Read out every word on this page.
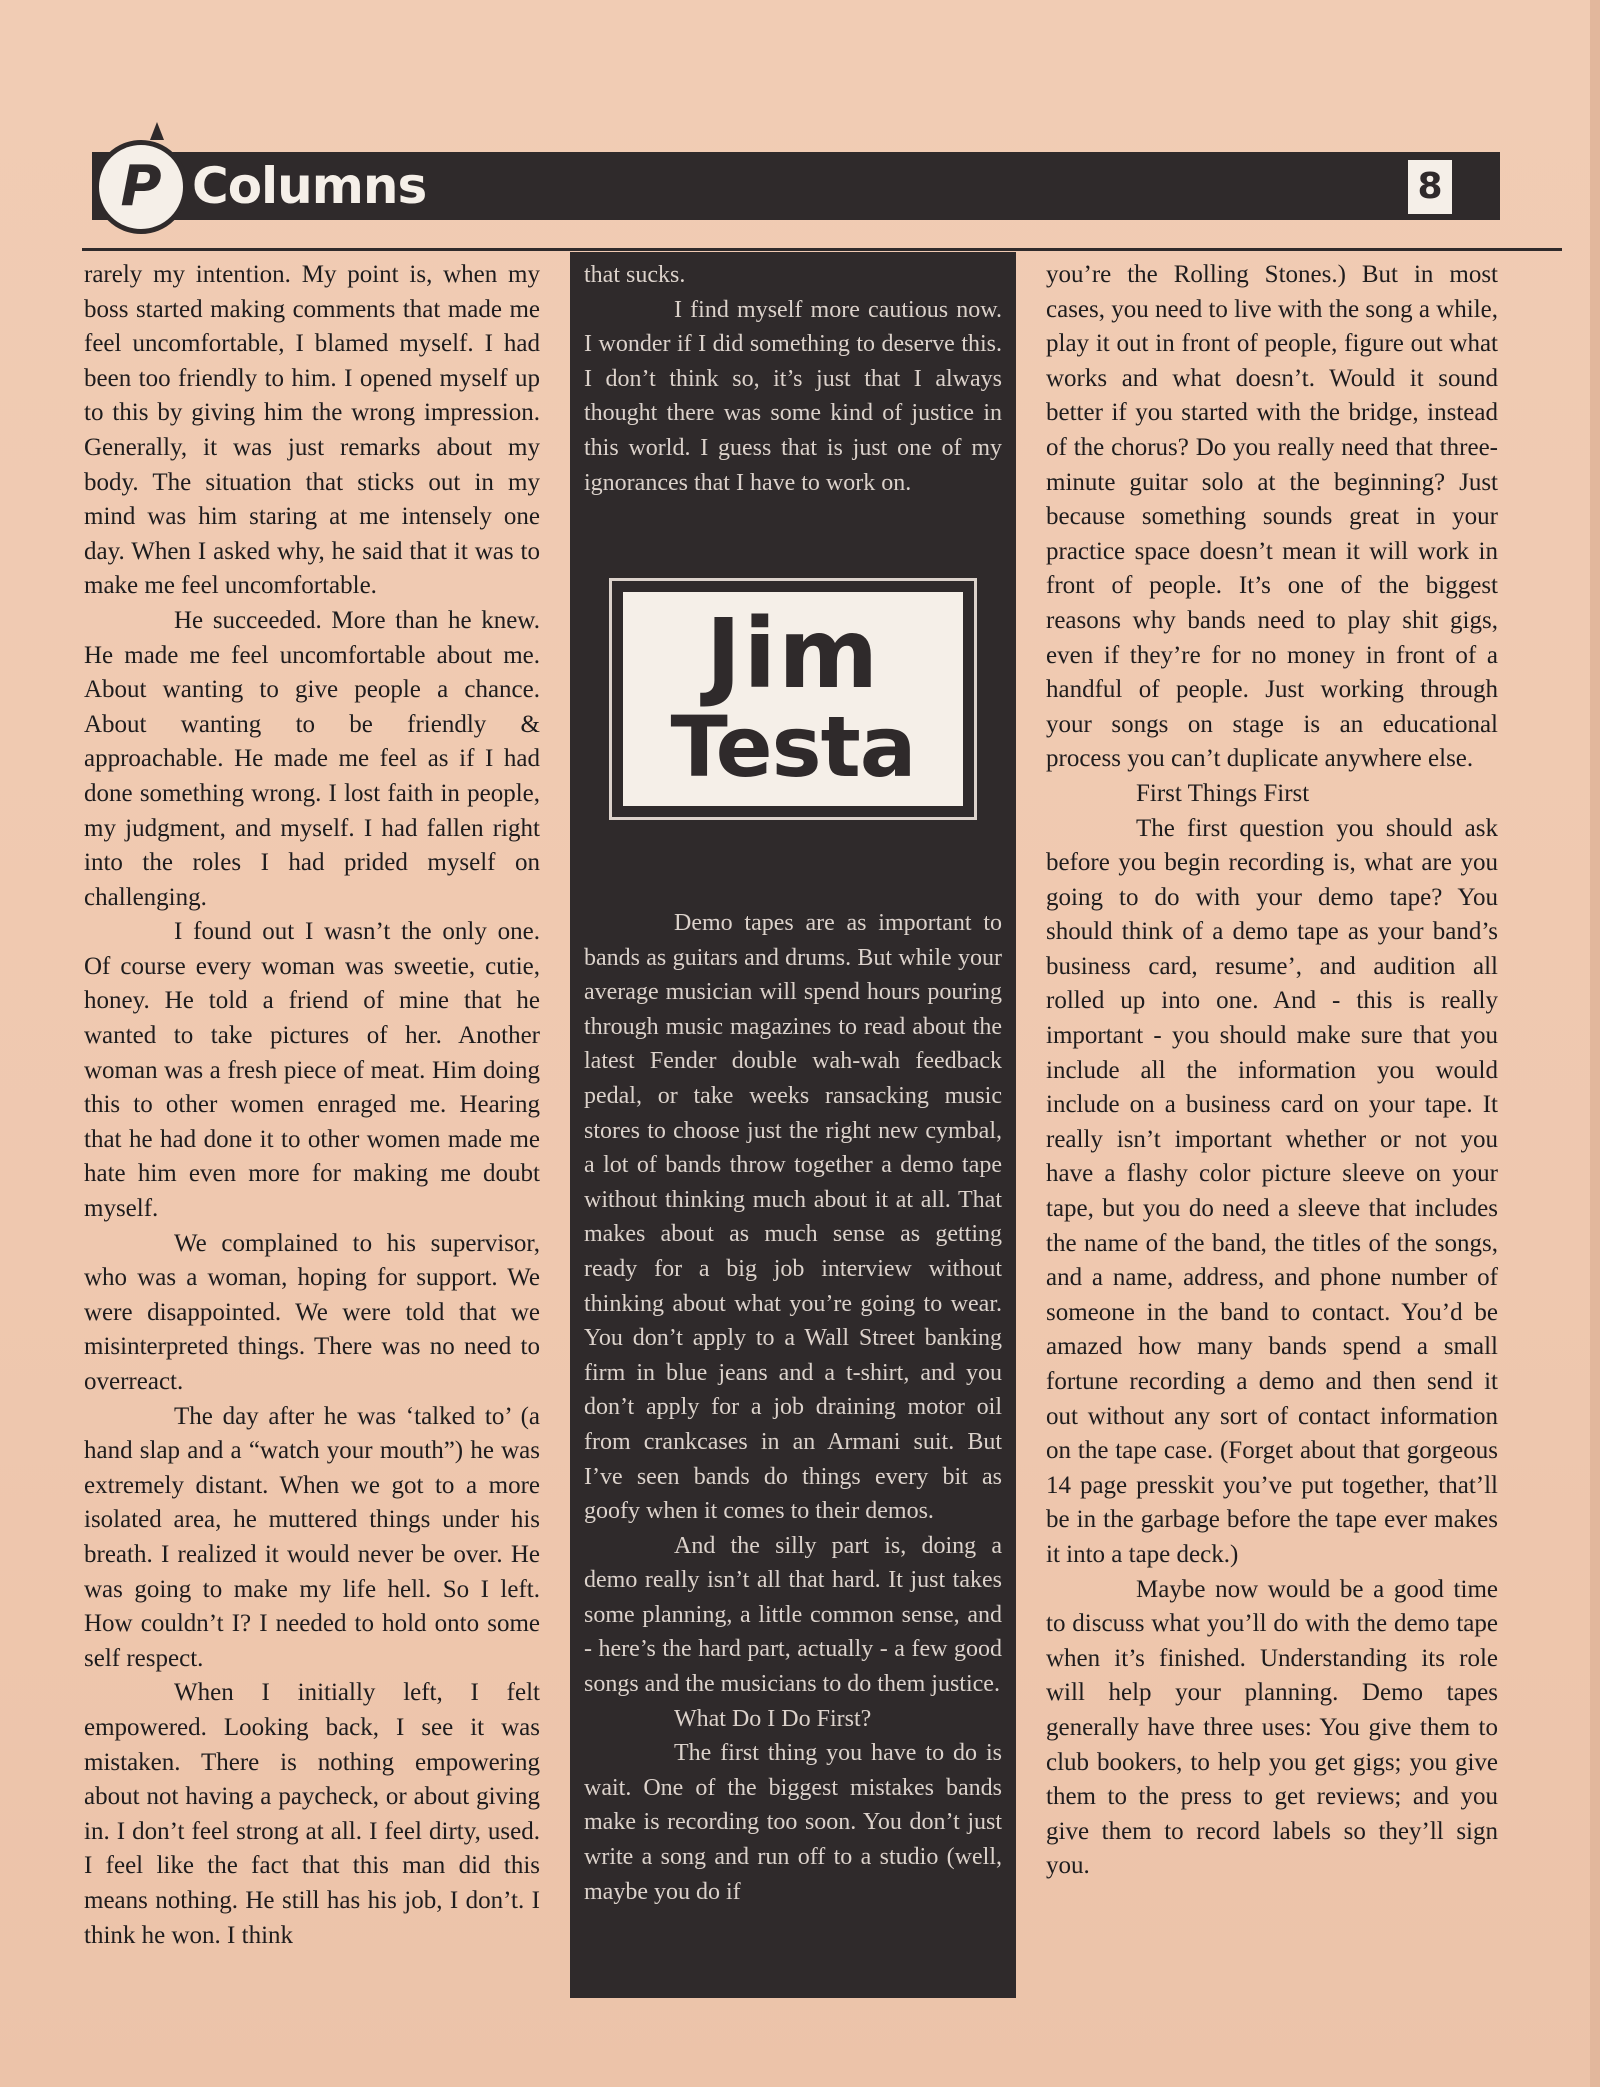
P Columns	8

rarely my intention. My point is, when my boss started making comments that made me feel uncomfortable, I blamed myself. I had been too friendly to him. I opened myself up to this by giving him the wrong impression. Generally, it was just remarks about my body. The situation that sticks out in my mind was him staring at me intensely one day. When I asked why, he said that it was to make me feel uncomfortable.

He succeeded. More than he knew. He made me feel uncomfortable about me. About wanting to give people a chance. About wanting to be friendly & approachable. He made me feel as if I had done something wrong. I lost faith in people, my judgment, and myself. I had fallen right into the roles I had prided myself on challenging.

I found out I wasn’t the only one. Of course every woman was sweetie, cutie, honey. He told a friend of mine that he wanted to take pictures of her. Another woman was a fresh piece of meat. Him doing this to other women enraged me. Hearing that he had done it to other women made me hate him even more for making me doubt myself.

We complained to his supervisor, who was a woman, hoping for support. We were disappointed. We were told that we misinterpreted things. There was no need to overreact.

The day after he was ‘talked to’ (a hand slap and a “watch your mouth”) he was extremely distant. When we got to a more isolated area, he muttered things under his breath. I realized it would never be over. He was going to make my life hell. So I left. How couldn’t I? I needed to hold onto some self respect.

When I initially left, I felt empowered. Looking back, I see it was mistaken. There is nothing empowering about not having a paycheck, or about giving in. I don’t feel strong at all. I feel dirty, used. I feel like the fact that this man did this means nothing. He still has his job, I don’t. I think he won. I think

that sucks.

I find myself more cautious now. I wonder if I did something to deserve this. I don’t think so, it’s just that I always thought there was some kind of justice in this world. I guess that is just one of my ignorances that I have to work on.

Jim
Testa

Demo tapes are as important to bands as guitars and drums. But while your average musician will spend hours pouring through music magazines to read about the latest Fender double wah-wah feedback pedal, or take weeks ransacking music stores to choose just the right new cymbal, a lot of bands throw together a demo tape without thinking much about it at all. That makes about as much sense as getting ready for a big job interview without thinking about what you’re going to wear. You don’t apply to a Wall Street banking firm in blue jeans and a t-shirt, and you don’t apply for a job draining motor oil from crankcases in an Armani suit. But I’ve seen bands do things every bit as goofy when it comes to their demos.

And the silly part is, doing a demo really isn’t all that hard. It just takes some planning, a little common sense, and - here’s the hard part, actually - a few good songs and the musicians to do them justice.

What Do I Do First?

The first thing you have to do is wait. One of the biggest mistakes bands make is recording too soon. You don’t just write a song and run off to a studio (well, maybe you do if

you’re the Rolling Stones.) But in most cases, you need to live with the song a while, play it out in front of people, figure out what works and what doesn’t. Would it sound better if you started with the bridge, instead of the chorus? Do you really need that three-minute guitar solo at the beginning? Just because something sounds great in your practice space doesn’t mean it will work in front of people. It’s one of the biggest reasons why bands need to play shit gigs, even if they’re for no money in front of a handful of people. Just working through your songs on stage is an educational process you can’t duplicate anywhere else.

First Things First

The first question you should ask before you begin recording is, what are you going to do with your demo tape? You should think of a demo tape as your band’s business card, resume’, and audition all rolled up into one. And - this is really important - you should make sure that you include all the information you would include on a business card on your tape. It really isn’t important whether or not you have a flashy color picture sleeve on your tape, but you do need a sleeve that includes the name of the band, the titles of the songs, and a name, address, and phone number of someone in the band to contact. You’d be amazed how many bands spend a small fortune recording a demo and then send it out without any sort of contact information on the tape case. (Forget about that gorgeous 14 page presskit you’ve put together, that’ll be in the garbage before the tape ever makes it into a tape deck.)

Maybe now would be a good time to discuss what you’ll do with the demo tape when it’s finished. Understanding its role will help your planning. Demo tapes generally have three uses: You give them to club bookers, to help you get gigs; you give them to the press to get reviews; and you give them to record labels so they’ll sign you.
